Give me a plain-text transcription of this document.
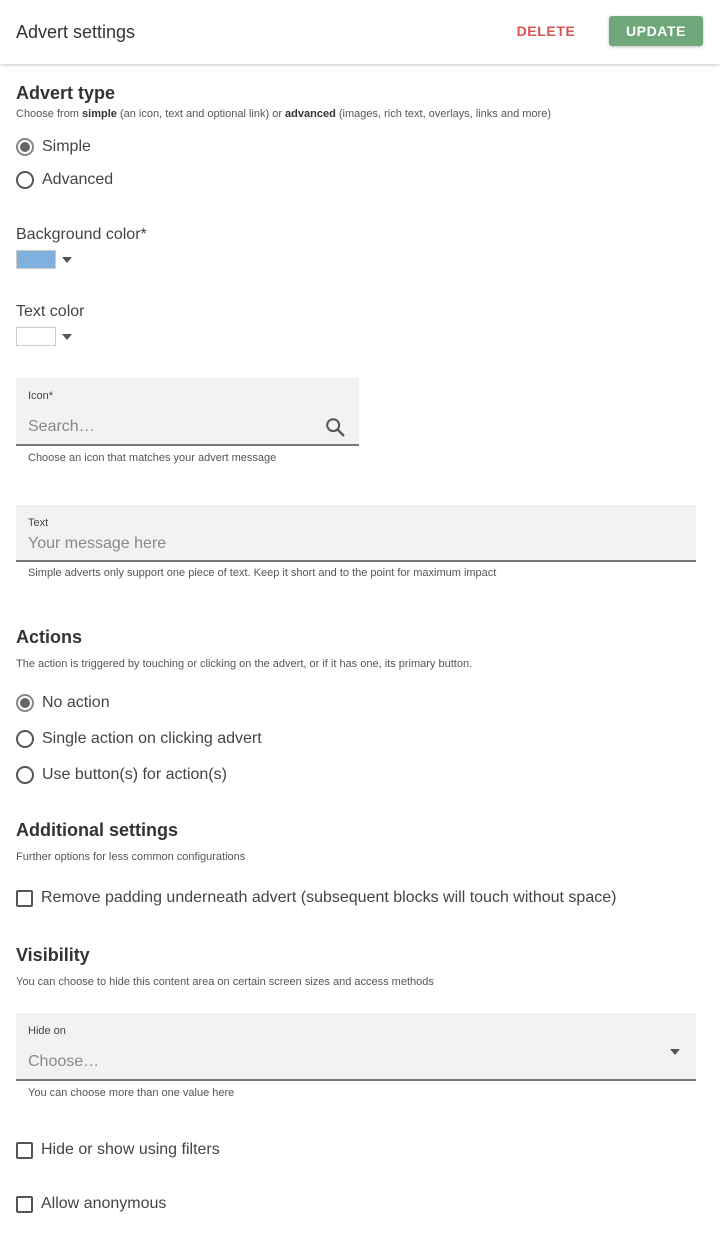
Advert settings	DELETE	UPDATE
Advert type
Choose from simple (an icon, text and optional link) or advanced (images, rich text, overlays, links and more)
Simple
Advanced
Background color*
Text color
Icon*
Search…
Choose an icon that matches your advert message
Text
Your message here
Simple adverts only support one piece of text. Keep it short and to the point for maximum impact
Actions
The action is triggered by touching or clicking on the advert, or if it has one, its primary button.
No action
Single action on clicking advert
Use button(s) for action(s)
Additional settings
Further options for less common configurations
Remove padding underneath advert (subsequent blocks will touch without space)
Visibility
You can choose to hide this content area on certain screen sizes and access methods
Hide on
Choose…
You can choose more than one value here
Hide or show using filters
Allow anonymous
